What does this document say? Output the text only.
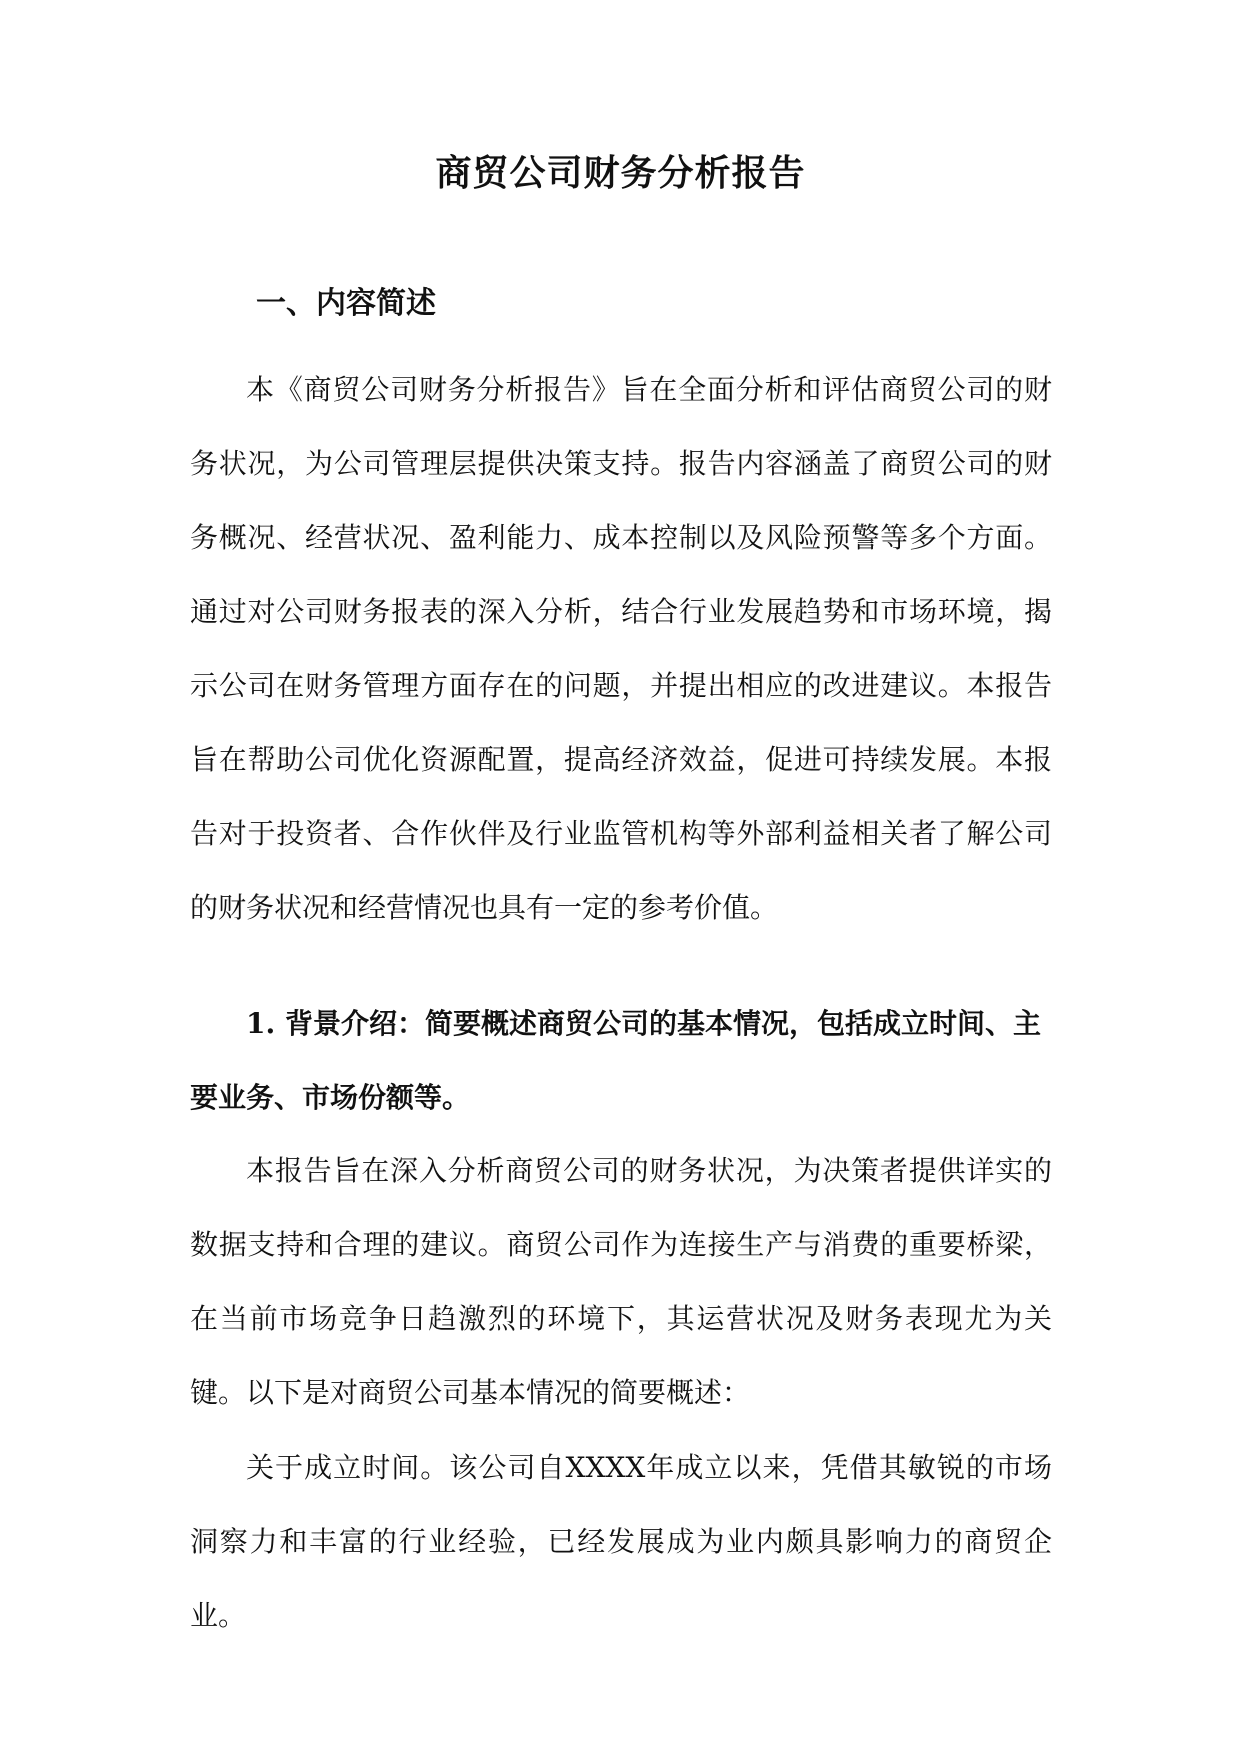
商贸公司财务分析报告
一、内容简述
本《商贸公司财务分析报告》旨在全面分析和评估商贸公司的财务状况，为公司管理层提供决策支持。报告内容涵盖了商贸公司的财务概况、经营状况、盈利能力、成本控制以及风险预警等多个方面。通过对公司财务报表的深入分析，结合行业发展趋势和市场环境，揭示公司在财务管理方面存在的问题，并提出相应的改进建议。本报告旨在帮助公司优化资源配置，提高经济效益，促进可持续发展。本报告对于投资者、合作伙伴及行业监管机构等外部利益相关者了解公司的财务状况和经营情况也具有一定的参考价值。
1. 背景介绍：简要概述商贸公司的基本情况，包括成立时间、主要业务、市场份额等。
本报告旨在深入分析商贸公司的财务状况，为决策者提供详实的数据支持和合理的建议。商贸公司作为连接生产与消费的重要桥梁，在当前市场竞争日趋激烈的环境下，其运营状况及财务表现尤为关键。以下是对商贸公司基本情况的简要概述：
关于成立时间。该公司自XXXX年成立以来，凭借其敏锐的市场洞察力和丰富的行业经验，已经发展成为业内颇具影响力的商贸企业。
